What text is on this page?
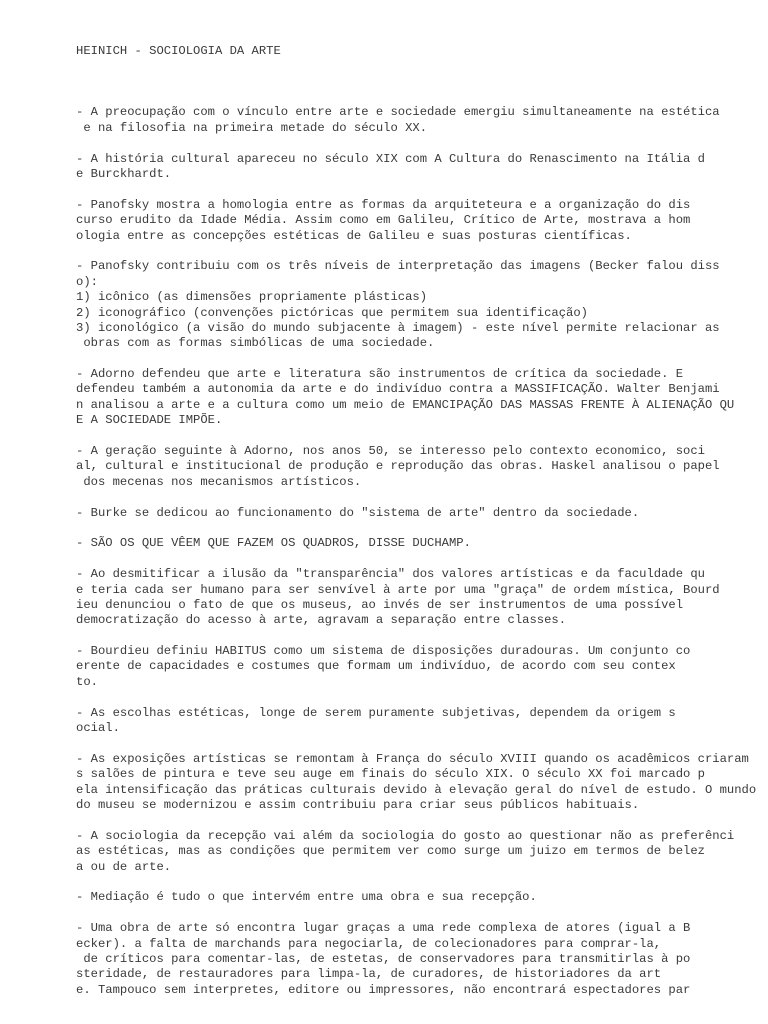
HEINICH - SOCIOLOGIA DA ARTE

- A preocupação com o vínculo entre arte e sociedade emergiu simultaneamente na estética
e na filosofia na primeira metade do século XX.
- A história cultural apareceu no século XIX com A Cultura do Renascimento na Itália d
e Burckhardt.
- Panofsky mostra a homologia entre as formas da arquiteteura e a organização do dis
curso erudito da Idade Média. Assim como em Galileu, Crítico de Arte, mostrava a hom
ologia entre as concepções estéticas de Galileu e suas posturas científicas.
- Panofsky contribuiu com os três níveis de interpretação das imagens (Becker falou diss
o):
1) icônico (as dimensões propriamente plásticas)
2) iconográfico (convenções pictóricas que permitem sua identificação)
3) iconológico (a visão do mundo subjacente à imagem) - este nível permite relacionar as
obras com as formas simbólicas de uma sociedade.
- Adorno defendeu que arte e literatura são instrumentos de crítica da sociedade. E
defendeu também a autonomia da arte e do indivíduo contra a MASSIFICAÇÃO. Walter Benjami
n analisou a arte e a cultura como um meio de EMANCIPAÇÃO DAS MASSAS FRENTE À ALIENAÇÃO QU
E A SOCIEDADE IMPÕE.
- A geração seguinte à Adorno, nos anos 50, se interesso pelo contexto economico, soci
al, cultural e institucional de produção e reprodução das obras. Haskel analisou o papel
dos mecenas nos mecanismos artísticos.
- Burke se dedicou ao funcionamento do "sistema de arte" dentro da sociedade.
- SÃO OS QUE VÊEM QUE FAZEM OS QUADROS, DISSE DUCHAMP.
- Ao desmitificar a ilusão da "transparência" dos valores artísticas e da faculdade qu
e teria cada ser humano para ser senvível à arte por uma "graça" de ordem mística, Bourd
ieu denunciou o fato de que os museus, ao invés de ser instrumentos de uma possível
democratização do acesso à arte, agravam a separação entre classes.
- Bourdieu definiu HABITUS como um sistema de disposições duradouras. Um conjunto co
erente de capacidades e costumes que formam um indivíduo, de acordo com seu contex
to.
- As escolhas estéticas, longe de serem puramente subjetivas, dependem da origem s
ocial.
- As exposições artísticas se remontam à França do século XVIII quando os acadêmicos criaram
s salões de pintura e teve seu auge em finais do século XIX. O século XX foi marcado p
ela intensificação das práticas culturais devido à elevação geral do nível de estudo. O mundo
do museu se modernizou e assim contribuiu para criar seus públicos habituais.
- A sociologia da recepção vai além da sociologia do gosto ao questionar não as preferênci
as estéticas, mas as condições que permitem ver como surge um juizo em termos de belez
a ou de arte.
- Mediação é tudo o que intervém entre uma obra e sua recepção.
- Uma obra de arte só encontra lugar graças a uma rede complexa de atores (igual a B
ecker). a falta de marchands para negociarla, de colecionadores para comprar-la,
de críticos para comentar-las, de estetas, de conservadores para transmitirlas à po
steridade, de restauradores para limpa-la, de curadores, de historiadores da art
e. Tampouco sem interpretes, editore ou impressores, não encontrará espectadores par
